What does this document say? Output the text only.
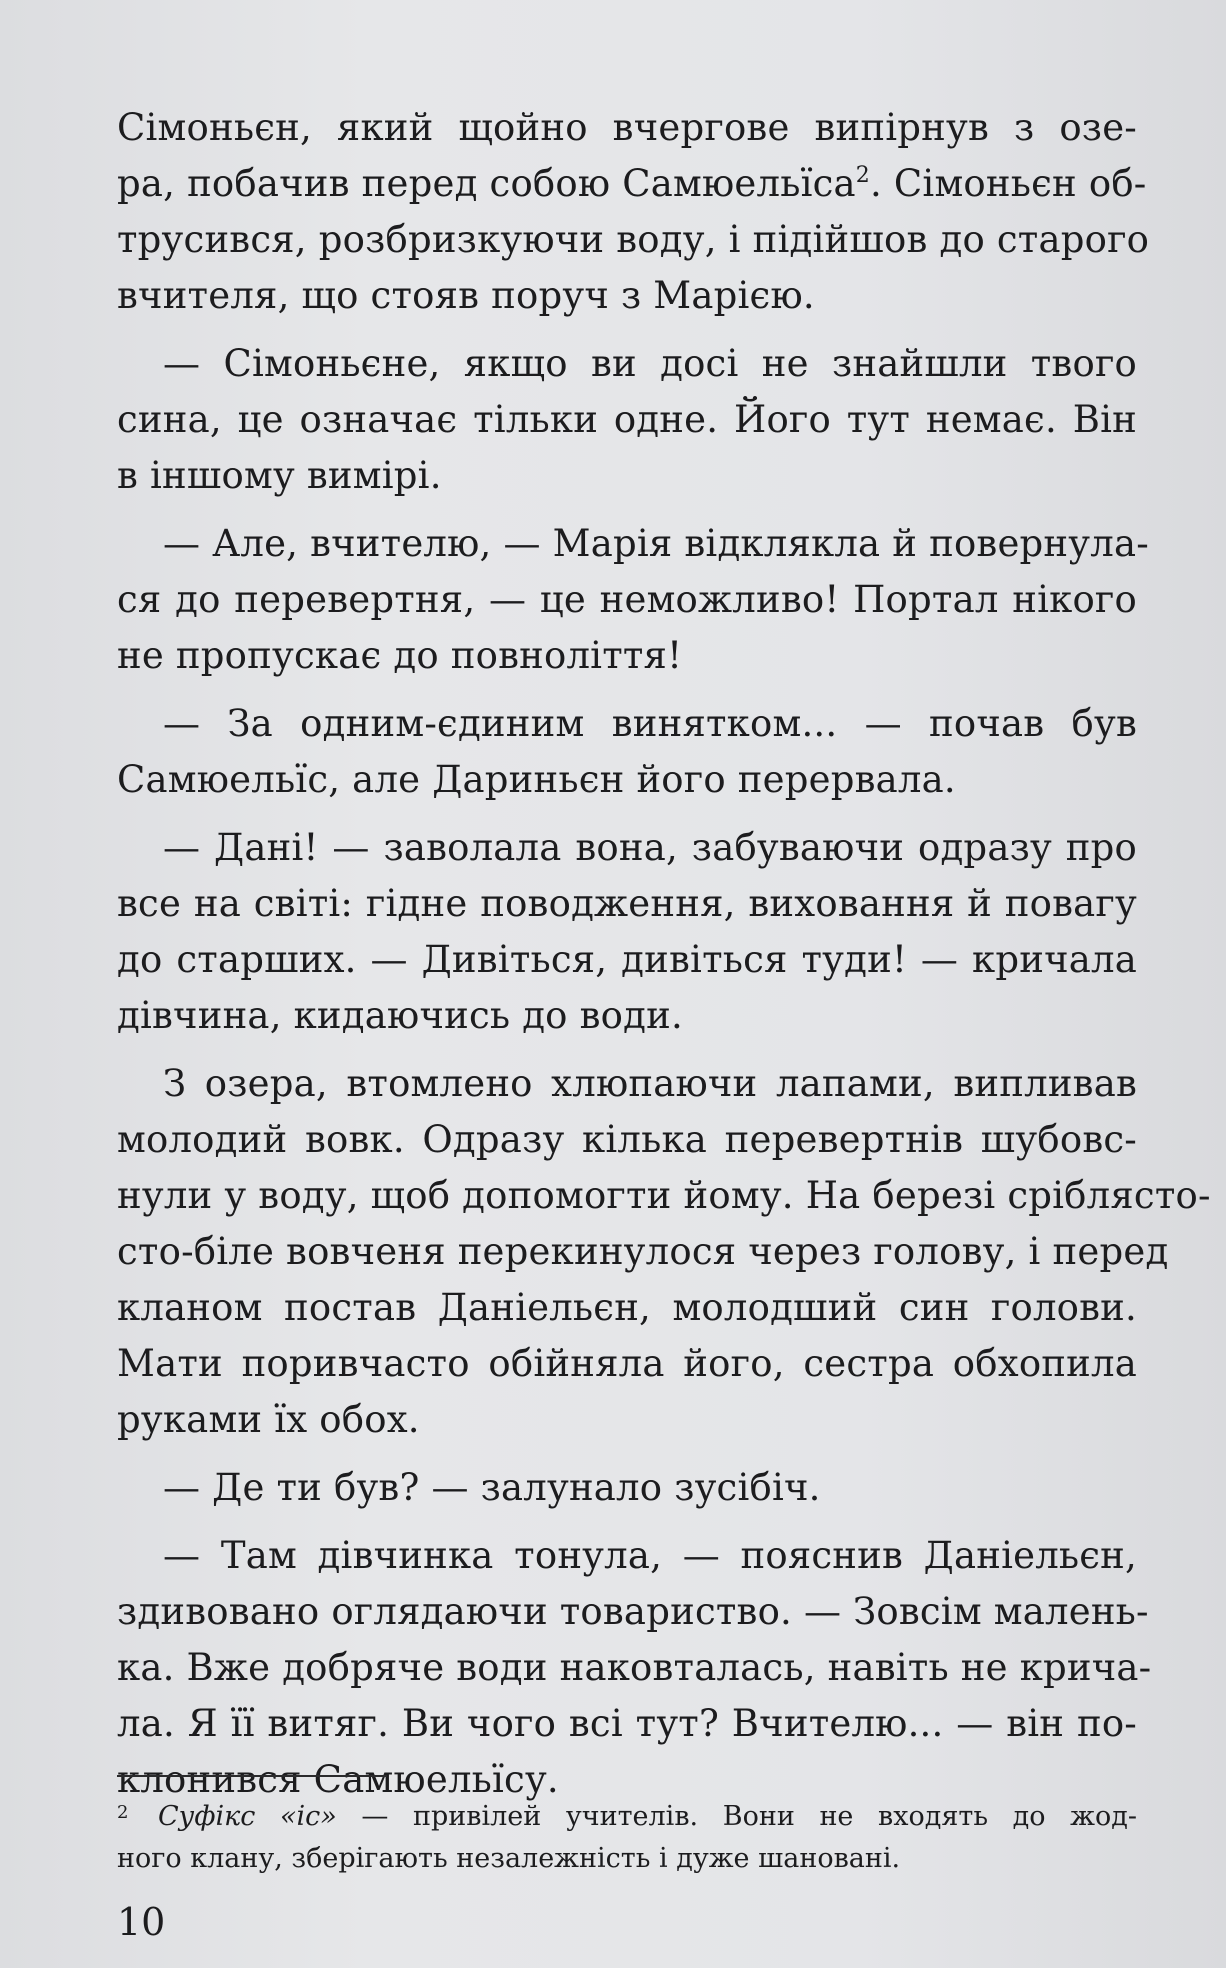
Сімоньєн, який щойно вчергове випірнув з озе-
ра, побачив перед собою Самюельїса$^2$. Сімоньєн об-
трусився, розбризкуючи воду, і підійшов до старого
вчителя, що стояв поруч з Марією.

— Сімоньєне, якщо ви досі не знайшли твого
сина, це означає тільки одне. Його тут немає. Він
в іншому вимірі.

— Але, вчителю, — Марія відклякла й повернула-
ся до перевертня, — це неможливо! Портал нікого
не пропускає до повноліття!

— За одним-єдиним винятком... — почав був
Самюельїс, але Дариньєн його перервала.

— Дані! — заволала вона, забуваючи одразу про
все на світі: гідне поводження, виховання й повагу
до старших. — Дивіться, дивіться туди! — кричала
дівчина, кидаючись до води.

З озера, втомлено хлюпаючи лапами, випливав
молодий вовк. Одразу кілька перевертнів шубовс-
нули у воду, щоб допомогти йому. На березі сріблястo-
сто-біле вовченя перекинулося через голову, і перед
кланом постав Даніельєн, молодший син голови.
Мати поривчасто обійняла його, сестра обхопила
руками їх обох.

— Де ти був? — залунало зусібіч.

— Там дівчинка тонула, — пояснив Даніельєн,
здивовано оглядаючи товариство. — Зовсім малень-
ка. Вже добряче води наковталась, навіть не крича-
ла. Я її витяг. Ви чого всі тут? Вчителю... — він по-
клонився Самюельїсу.

2 Суфікс «іс» — привілей учителів. Вони не входять до жод-
ного клану, зберігають незалежність і дуже шановані.
10
